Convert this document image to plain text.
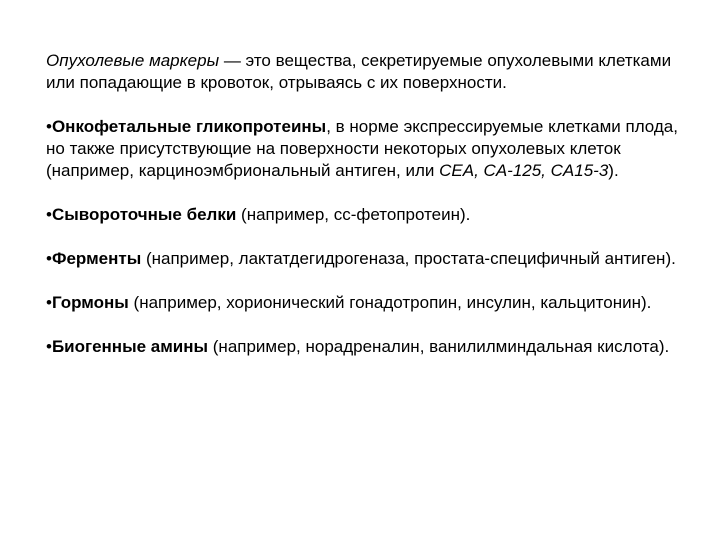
Опухолевые маркеры — это вещества, секретируемые опухолевыми клетками или попадающие в кровоток, отрываясь с их поверхности.

•Онкофетальные гликопротеины, в норме экспрессируемые клетками плода, но также присутствующие на поверхности некоторых опухолевых клеток (например, карциноэмбриональный антиген, или CEA, CA-125, CA15-3).

•Сывороточные белки (например, сс-фетопротеин).

•Ферменты (например, лактатдегидрогеназа, простата-специфичный антиген).

•Гормоны (например, хорионический гонадотропин, инсулин, кальцитонин).

•Биогенные амины (например, норадреналин, ванилилминдальная кислота).
